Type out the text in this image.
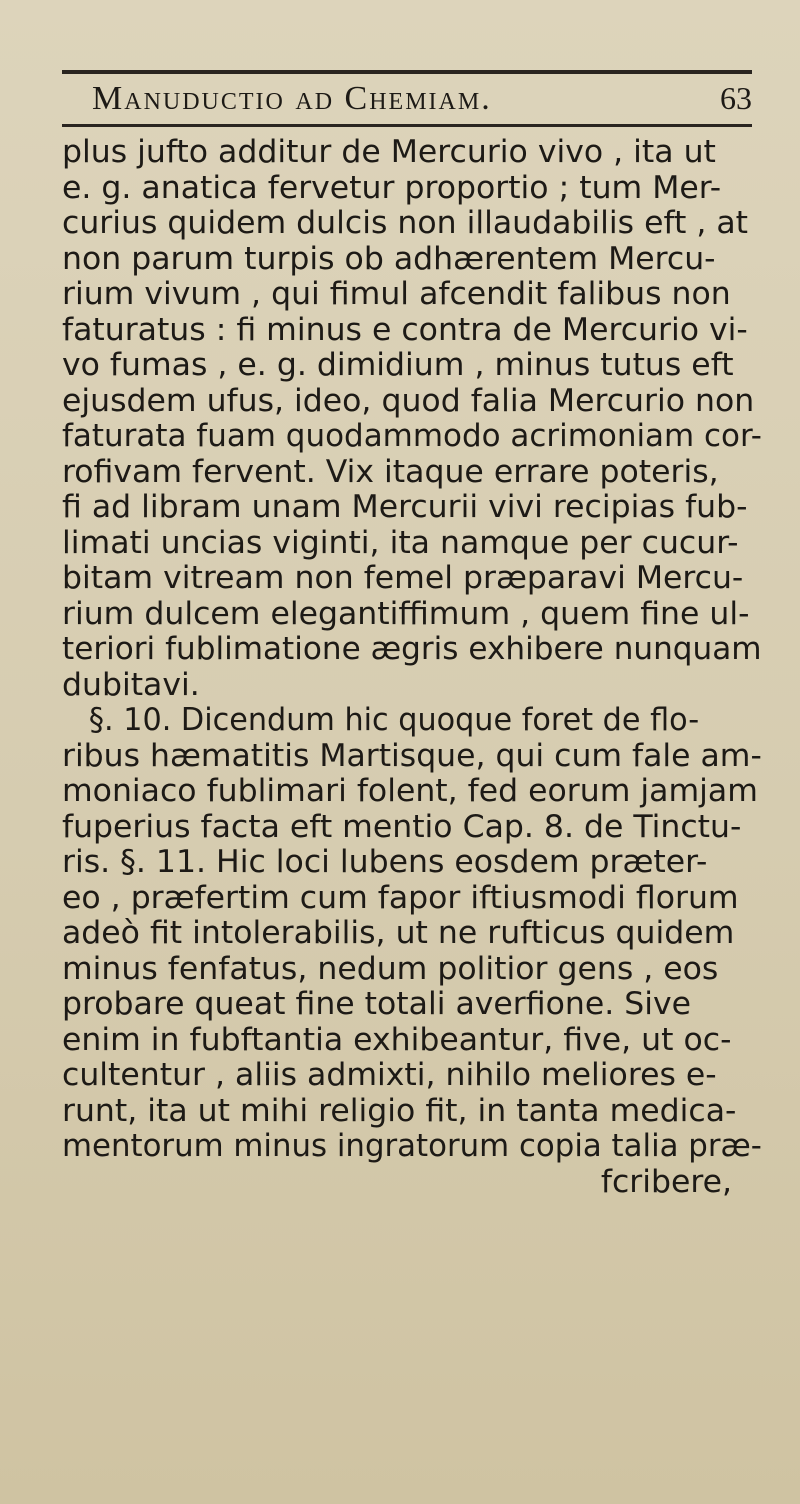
Manuductio ad Chemiam.	63
plus jufto additur de Mercurio vivo , ita ut
e. g. anatica fervetur proportio ; tum Mer-
curius quidem dulcis non illaudabilis eft , at
non parum turpis ob adhærentem Mercu-
rium vivum , qui fimul afcendit falibus non
faturatus : fi minus e contra de Mercurio vi-
vo fumas , e. g. dimidium , minus tutus eft
ejusdem ufus, ideo, quod falia Mercurio non
faturata fuam quodammodo acrimoniam cor-
rofivam fervent. Vix itaque errare poteris,
fi ad libram unam Mercurii vivi recipias fub-
limati uncias viginti, ita namque per cucur-
bitam vitream non femel præparavi Mercu-
rium dulcem elegantiffimum , quem fine ul-
teriori fublimatione ægris exhibere nunquam
dubitavi.
§. 10. Dicendum hic quoque foret de flo-
ribus hæmatitis Martisque, qui cum fale am-
moniaco fublimari folent, fed eorum jamjam
fuperius facta eft mentio Cap. 8. de Tinctu-
ris. §. 11. Hic loci lubens eosdem præter-
eo , præfertim cum fapor iftiusmodi florum
adeò fit intolerabilis, ut ne rufticus quidem
minus fenfatus, nedum politior gens , eos
probare queat fine totali averfione. Sive
enim in fubftantia exhibeantur, five, ut oc-
cultentur , aliis admixti, nihilo meliores e-
runt, ita ut mihi religio fit, in tanta medica-
mentorum minus ingratorum copia talia præ-
fcribere,
